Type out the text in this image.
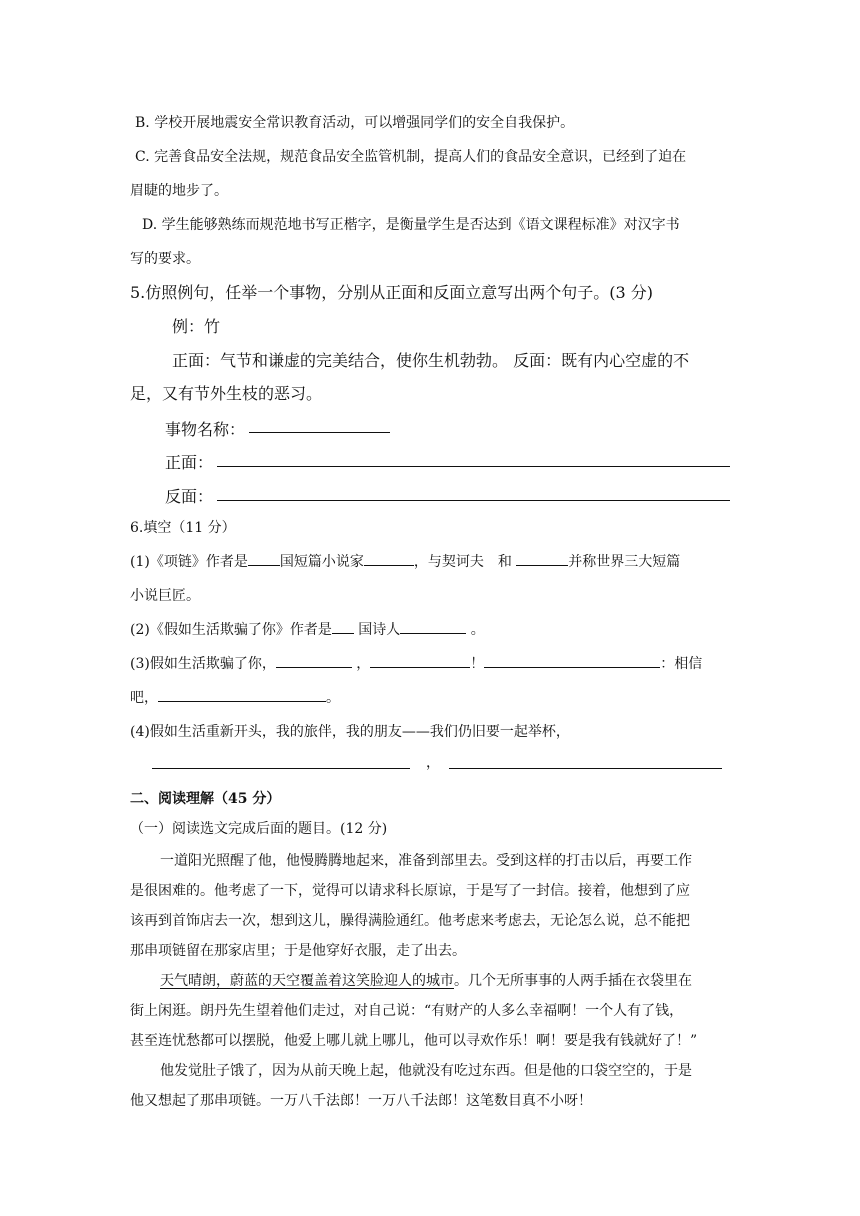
B. 学校开展地震安全常识教育活动，可以增强同学们的安全自我保护。
C. 完善食品安全法规，规范食品安全监管机制，提高人们的食品安全意识，已经到了迫在
眉睫的地步了。
D. 学生能够熟练而规范地书写正楷字，是衡量学生是否达到《语文课程标准》对汉字书
写的要求。
5.仿照例句，任举一个事物，分别从正面和反面立意写出两个句子。(3 分)
例：竹
正面：气节和谦虚的完美结合，使你生机勃勃。 反面：既有内心空虚的不
足，又有节外生枝的恶习。
事物名称：
正面：
反面：
6.填空（11 分）
(1)《项链》作者是 国短篇小说家	，与契诃夫　和	并称世界三大短篇
小说巨匠。
(2)《假如生活欺骗了你》作者是 国诗人	。
(3)假如生活欺骗了你，	，	！	：相信
吧，	。
(4)假如生活重新开头，我的旅伴，我的朋友——我们仍旧要一起举杯，
，
二、阅读理解（45 分）
（一）阅读选文完成后面的题目。(12 分)
一道阳光照醒了他，他慢腾腾地起来，准备到部里去。受到这样的打击以后，再要工作
是很困难的。他考虑了一下，觉得可以请求科长原谅，于是写了一封信。接着，他想到了应
该再到首饰店去一次，想到这儿，臊得满脸通红。他考虑来考虑去，无论怎么说，总不能把
那串项链留在那家店里；于是他穿好衣服，走了出去。
天气晴朗，蔚蓝的天空覆盖着这笑脸迎人的城市。几个无所事事的人两手插在衣袋里在
街上闲逛。朗丹先生望着他们走过，对自己说：“有财产的人多么幸福啊！一个人有了钱，
甚至连忧愁都可以摆脱，他爱上哪儿就上哪儿，他可以寻欢作乐！啊！要是我有钱就好了！”
他发觉肚子饿了，因为从前天晚上起，他就没有吃过东西。但是他的口袋空空的，于是
他又想起了那串项链。一万八千法郎！一万八千法郎！这笔数目真不小呀！
